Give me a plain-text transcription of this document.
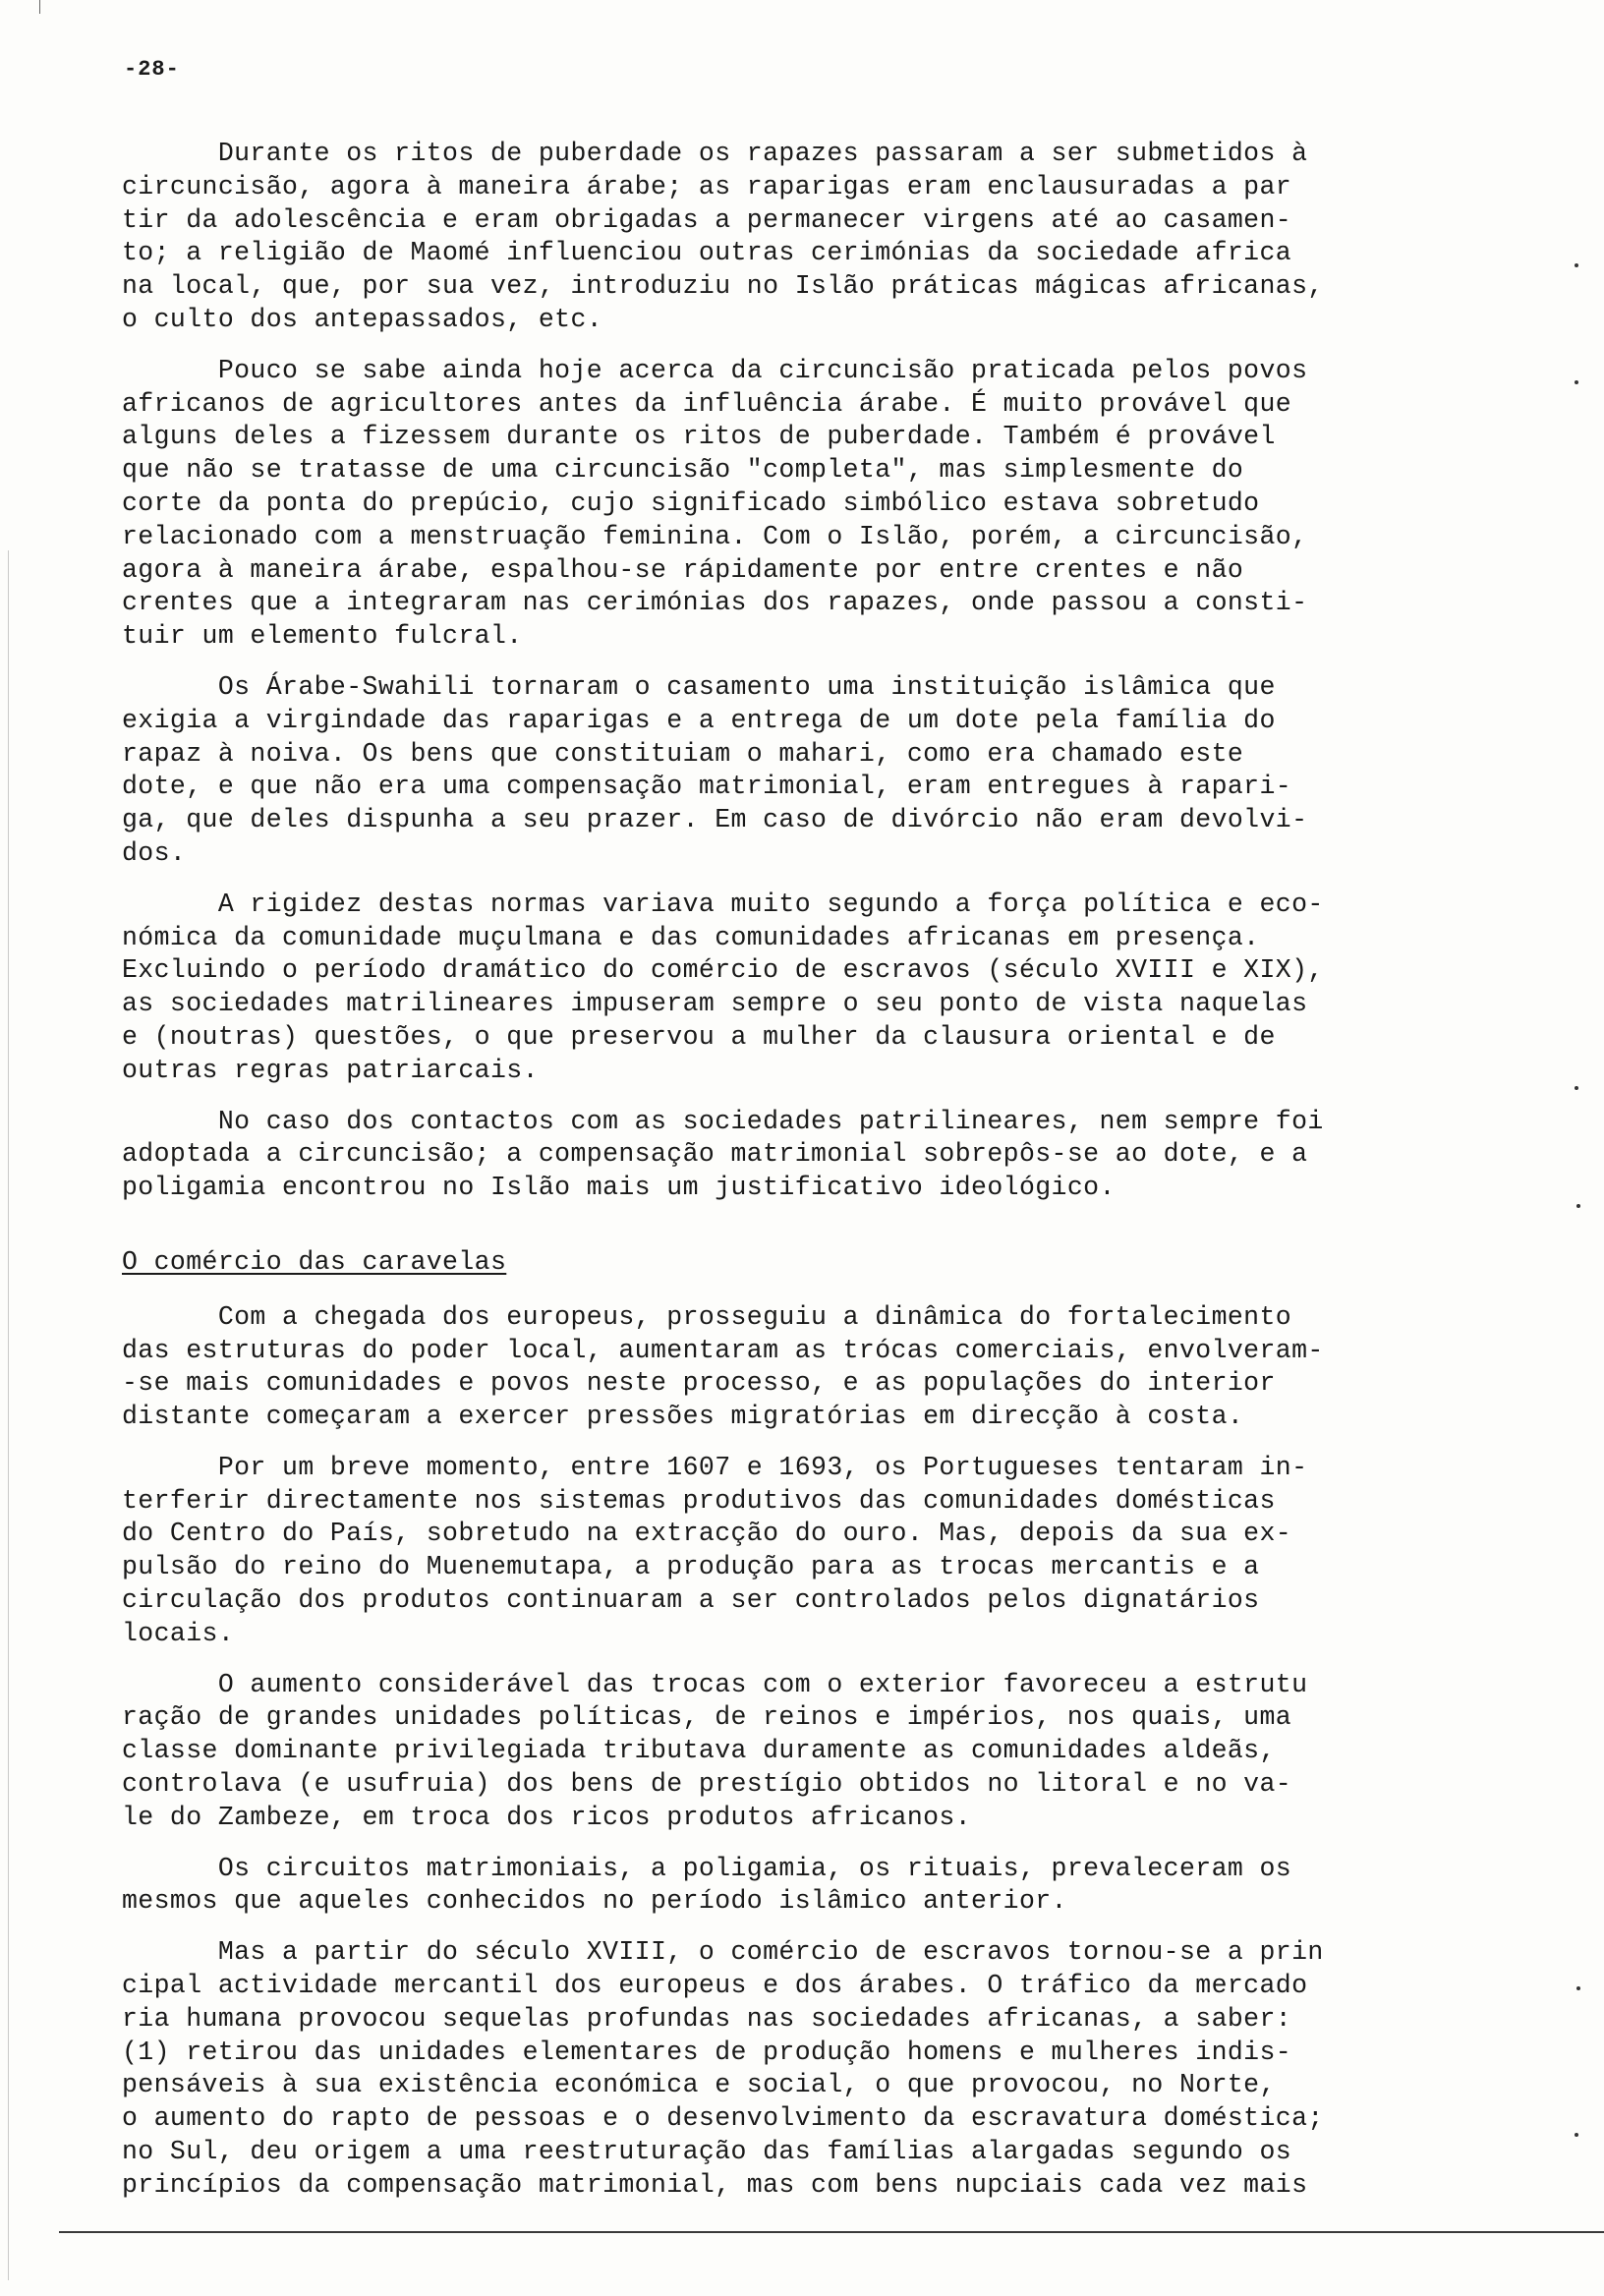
-28-
Durante os ritos de puberdade os rapazes passaram a ser submetidos à
circuncisão, agora à maneira árabe; as raparigas eram enclausuradas a par
tir da adolescência e eram obrigadas a permanecer virgens até ao casamen-
to; a religião de Maomé influenciou outras cerimónias da sociedade africa
na local, que, por sua vez, introduziu no Islão práticas mágicas africanas,
o culto dos antepassados, etc.
Pouco se sabe ainda hoje acerca da circuncisão praticada pelos povos
africanos de agricultores antes da influência árabe. É muito provável que
alguns deles a fizessem durante os ritos de puberdade. Também é provável
que não se tratasse de uma circuncisão "completa", mas simplesmente do
corte da ponta do prepúcio, cujo significado simbólico estava sobretudo
relacionado com a menstruação feminina. Com o Islão, porém, a circuncisão,
agora à maneira árabe, espalhou-se rápidamente por entre crentes e não
crentes que a integraram nas cerimónias dos rapazes, onde passou a consti-
tuir um elemento fulcral.
Os Árabe-Swahili tornaram o casamento uma instituição islâmica que
exigia a virgindade das raparigas e a entrega de um dote pela família do
rapaz à noiva. Os bens que constituiam o mahari, como era chamado este
dote, e que não era uma compensação matrimonial, eram entregues à rapari-
ga, que deles dispunha a seu prazer. Em caso de divórcio não eram devolvi-
dos.
A rigidez destas normas variava muito segundo a força política e eco-
nómica da comunidade muçulmana e das comunidades africanas em presença.
Excluindo o período dramático do comércio de escravos (século XVIII e XIX),
as sociedades matrilineares impuseram sempre o seu ponto de vista naquelas
e (noutras) questões, o que preservou a mulher da clausura oriental e de
outras regras patriarcais.
No caso dos contactos com as sociedades patrilineares, nem sempre foi
adoptada a circuncisão; a compensação matrimonial sobrepôs-se ao dote, e a
poligamia encontrou no Islão mais um justificativo ideológico.
O comércio das caravelas
Com a chegada dos europeus, prosseguiu a dinâmica do fortalecimento
das estruturas do poder local, aumentaram as trócas comerciais, envolveram-
-se mais comunidades e povos neste processo, e as populações do interior
distante começaram a exercer pressões migratórias em direcção à costa.
Por um breve momento, entre 1607 e 1693, os Portugueses tentaram in-
terferir directamente nos sistemas produtivos das comunidades domésticas
do Centro do País, sobretudo na extracção do ouro. Mas, depois da sua ex-
pulsão do reino do Muenemutapa, a produção para as trocas mercantis e a
circulação dos produtos continuaram a ser controlados pelos dignatários
locais.
O aumento considerável das trocas com o exterior favoreceu a estrutu
ração de grandes unidades políticas, de reinos e impérios, nos quais, uma
classe dominante privilegiada tributava duramente as comunidades aldeãs,
controlava (e usufruia) dos bens de prestígio obtidos no litoral e no va-
le do Zambeze, em troca dos ricos produtos africanos.
Os circuitos matrimoniais, a poligamia, os rituais, prevaleceram os
mesmos que aqueles conhecidos no período islâmico anterior.
Mas a partir do século XVIII, o comércio de escravos tornou-se a prin
cipal actividade mercantil dos europeus e dos árabes. O tráfico da mercado
ria humana provocou sequelas profundas nas sociedades africanas, a saber:
(1) retirou das unidades elementares de produção homens e mulheres indis-
pensáveis à sua existência económica e social, o que provocou, no Norte,
o aumento do rapto de pessoas e o desenvolvimento da escravatura doméstica;
no Sul, deu origem a uma reestruturação das famílias alargadas segundo os
princípios da compensação matrimonial, mas com bens nupciais cada vez mais
